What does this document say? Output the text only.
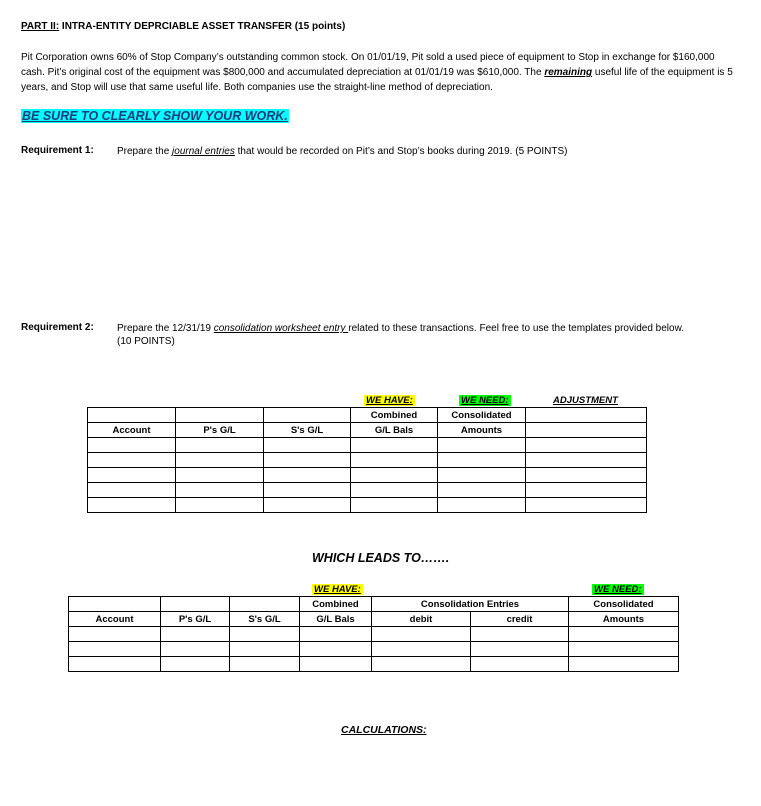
PART II: INTRA-ENTITY DEPRCIABLE ASSET TRANSFER (15 points)
Pit Corporation owns 60% of Stop Company’s outstanding common stock. On 01/01/19, Pit sold a used piece of equipment to Stop in exchange for $160,000 cash. Pit’s original cost of the equipment was $800,000 and accumulated depreciation at 01/01/19 was $610,000. The remaining useful life of the equipment is 5 years, and Stop will use that same useful life. Both companies use the straight-line method of depreciation.
BE SURE TO CLEARLY SHOW YOUR WORK.
Requirement 1: Prepare the journal entries that would be recorded on Pit’s and Stop’s books during 2019. (5 POINTS)
Requirement 2: Prepare the 12/31/19 consolidation worksheet entry related to these transactions. Feel free to use the templates provided below. (10 POINTS)
WE HAVE:	WE NEED:	ADJUSTMENT
			Combined	Consolidated	
Account	P's G/L	S's G/L	G/L Bals	Amounts	

WHICH LEADS TO…….
WE HAVE:	WE NEED:
			Combined	Consolidation Entries		Consolidated
Account	P's G/L	S's G/L	G/L Bals	debit	credit	Amounts

CALCULATIONS:
